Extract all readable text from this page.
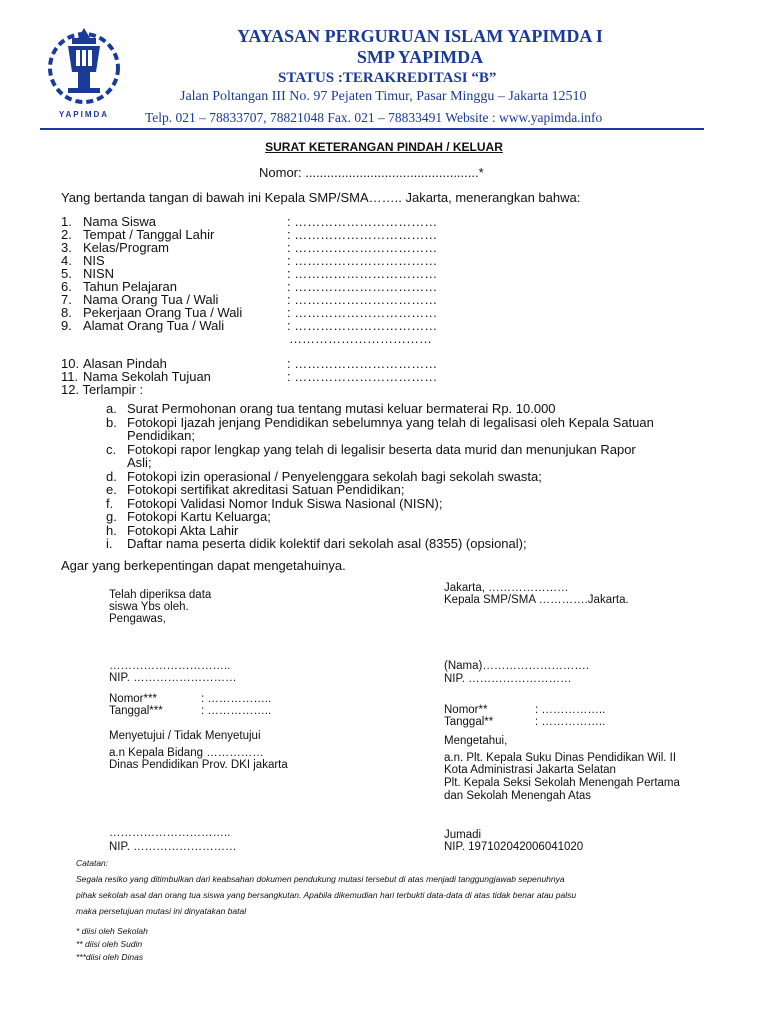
YAPIMDA
YAYASAN PERGURUAN ISLAM YAPIMDA I
SMP YAPIMDA
STATUS :TERAKREDITASI “B”
Jalan Poltangan III No. 97 Pejaten Timur, Pasar Minggu – Jakarta 12510
Telp. 021 – 78833707, 78821048 Fax. 021 – 78833491 Website : www.yapimda.info
SURAT KETERANGAN PINDAH / KELUAR
Nomor: ................................................*
Yang bertanda tangan di bawah ini Kepala SMP/SMA…….. Jakarta, menerangkan bahwa:
1. Nama Siswa	: ……………………………
2. Tempat / Tanggal Lahir	: ……………………………
3. Kelas/Program	: ……………………………
4. NIS	: ……………………………
5. NISN	: ……………………………
6. Tahun Pelajaran	: ……………………………
7. Nama Orang Tua / Wali	: ……………………………
8. Pekerjaan Orang Tua / Wali	: ……………………………
9. Alamat Orang Tua / Wali	: ……………………………
……………………………
10. Alasan Pindah	: ……………………………
11. Nama Sekolah Tujuan	: ……………………………
12. Terlampir :
a. Surat Permohonan orang tua tentang mutasi keluar bermaterai Rp. 10.000
b. Fotokopi Ijazah jenjang Pendidikan sebelumnya yang telah di legalisasi oleh Kepala Satuan
Pendidikan;
c. Fotokopi rapor lengkap yang telah di legalisir beserta data murid dan menunjukan Rapor
Asli;
d. Fotokopi izin operasional / Penyelenggara sekolah bagi sekolah swasta;
e. Fotokopi sertifikat akreditasi Satuan Pendidikan;
f. Fotokopi Validasi Nomor Induk Siswa Nasional (NISN);
g. Fotokopi Kartu Keluarga;
h. Fotokopi Akta Lahir
i. Daftar nama peserta didik kolektif dari sekolah asal (8355) (opsional);
Agar yang berkepentingan dapat mengetahuinya.
Telah diperiksa data
siswa Ybs oleh.
Pengawas,
…………………………..
NIP. ………………………
Nomor***	: ……………..
Tanggal***	: ……………..
Menyetujui / Tidak Menyetujui
a.n Kepala Bidang ……………
Dinas Pendidikan Prov. DKI jakarta
…………………………..
NIP. ………………………
Jakarta, …………………
Kepala SMP/SMA ………….Jakarta.
(Nama)……………………….
NIP. ………………………
Nomor**	: ……………..
Tanggal**	: ……………..
Mengetahui,
a.n. Plt. Kepala Suku Dinas Pendidikan Wil. II
Kota Administrasi Jakarta Selatan
Plt. Kepala Seksi Sekolah Menengah Pertama
dan Sekolah Menengah Atas
Jumadi
NIP. 197102042006041020
Catatan:
Segala resiko yang ditimbulkan dari keabsahan dokumen pendukung mutasi tersebut di atas menjadi tanggungjawab sepenuhnya
pihak sekolah asal dan orang tua siswa yang bersangkutan. Apabila dikemudian hari terbukti data-data di atas tidak benar atau palsu
maka persetujuan mutasi ini dinyatakan batal
* diisi oleh Sekolah
** diisi oleh Sudin
***diisi oleh Dinas
